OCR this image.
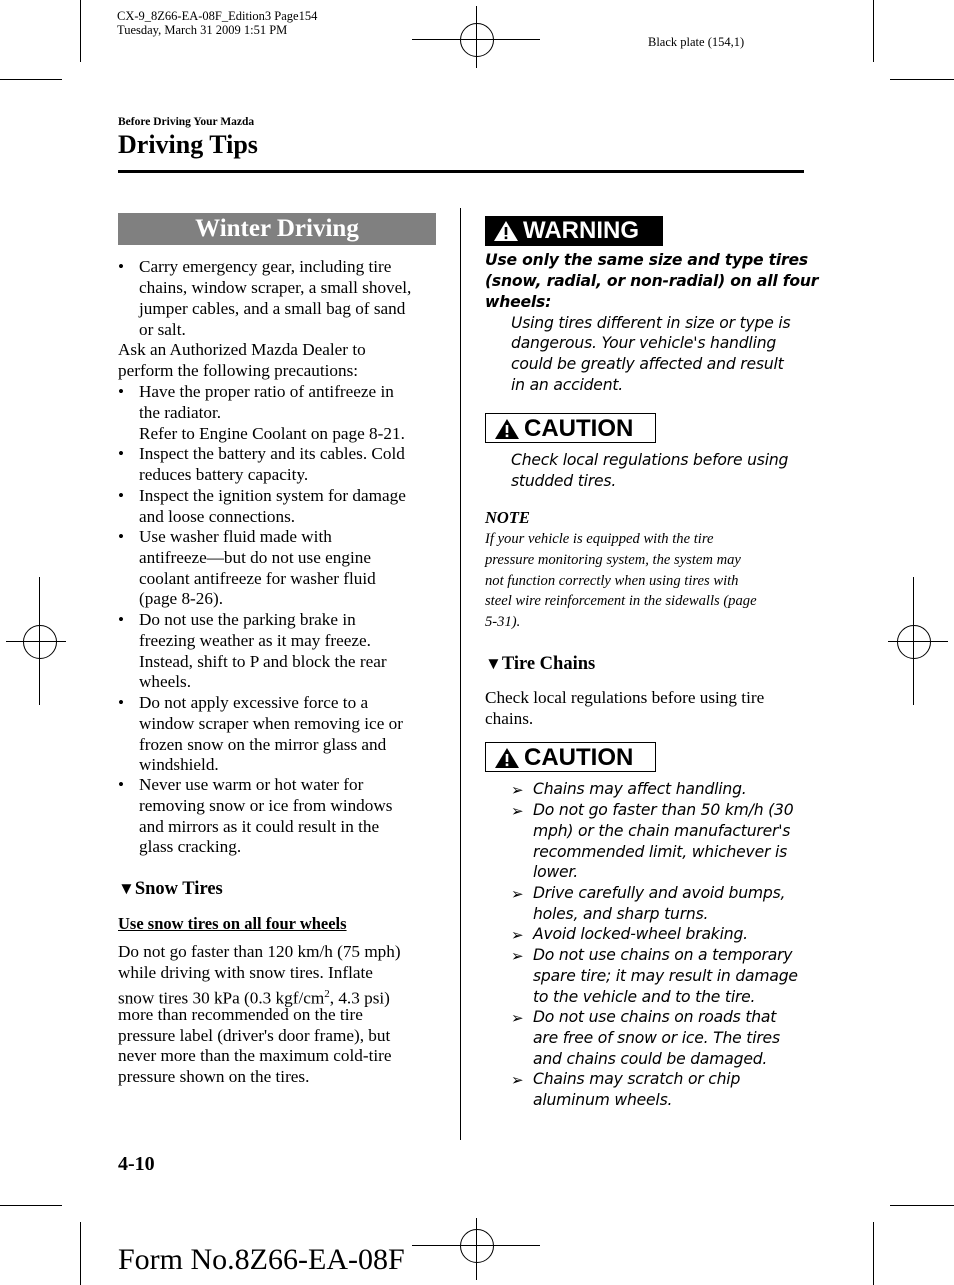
CX-9_8Z66-EA-08F_Edition3 Page154
Tuesday, March 31 2009 1:51 PM
Black plate (154,1)
Before Driving Your Mazda
Driving Tips
Winter Driving
• Carry emergency gear, including tire
chains, window scraper, a small shovel,
jumper cables, and a small bag of sand
or salt.
Ask an Authorized Mazda Dealer to
perform the following precautions:
• Have the proper ratio of antifreeze in
the radiator.
Refer to Engine Coolant on page 8-21.
• Inspect the battery and its cables. Cold
reduces battery capacity.
• Inspect the ignition system for damage
and loose connections.
• Use washer fluid made with
antifreeze―but do not use engine
coolant antifreeze for washer fluid
(page 8-26).
• Do not use the parking brake in
freezing weather as it may freeze.
Instead, shift to P and block the rear
wheels.
• Do not apply excessive force to a
window scraper when removing ice or
frozen snow on the mirror glass and
windshield.
• Never use warm or hot water for
removing snow or ice from windows
and mirrors as it could result in the
glass cracking.
▼Snow Tires
Use snow tires on all four wheels
Do not go faster than 120 km/h (75 mph)
while driving with snow tires. Inflate
snow tires 30 kPa (0.3 kgf/$cm^2$, 4.3 psi)
more than recommended on the tire
pressure label (driver's door frame), but
never more than the maximum cold-tire
pressure shown on the tires.
WARNING
Use only the same size and type tires
(snow, radial, or non-radial) on all four
wheels:
Using tires different in size or type is
dangerous. Your vehicle's handling
could be greatly affected and result
in an accident.
CAUTION
Check local regulations before using
studded tires.
NOTE
If your vehicle is equipped with the tire
pressure monitoring system, the system may
not function correctly when using tires with
steel wire reinforcement in the sidewalls (page
5-31).
▼Tire Chains
Check local regulations before using tire
chains.
CAUTION
➢ Chains may affect handling.
➢ Do not go faster than 50 km/h (30
mph) or the chain manufacturer's
recommended limit, whichever is
lower.
➢ Drive carefully and avoid bumps,
holes, and sharp turns.
➢ Avoid locked-wheel braking.
➢ Do not use chains on a temporary
spare tire; it may result in damage
to the vehicle and to the tire.
➢ Do not use chains on roads that
are free of snow or ice. The tires
and chains could be damaged.
➢ Chains may scratch or chip
aluminum wheels.
4-10
Form No.8Z66-EA-08F
